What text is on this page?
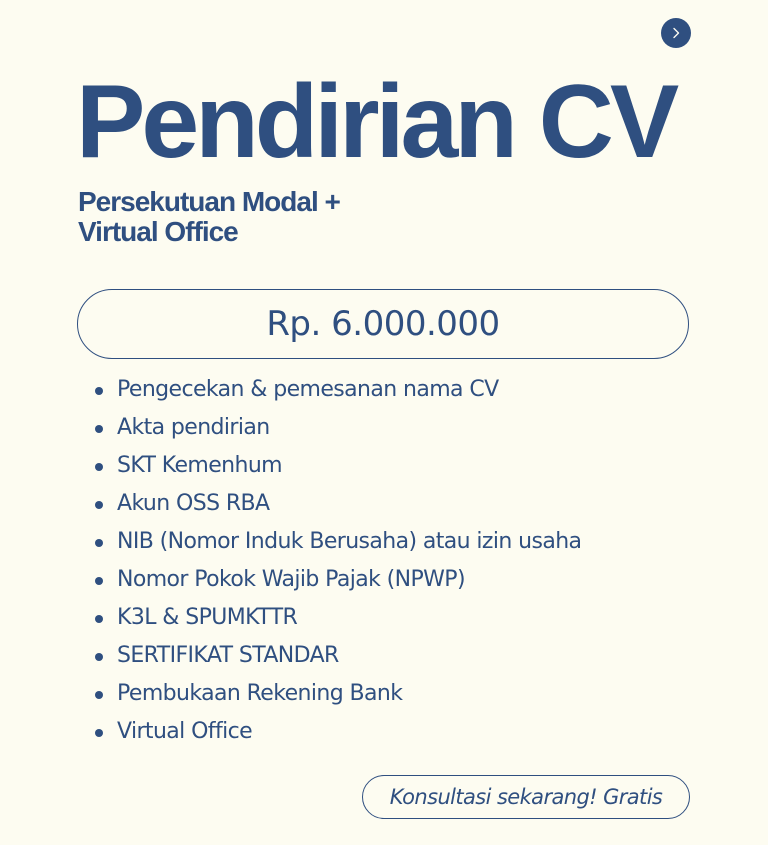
Pendirian CV
Persekutuan Modal +
Virtual Office
Rp. 6.000.000
Pengecekan & pemesanan nama CV
Akta pendirian
SKT Kemenhum
Akun OSS RBA
NIB (Nomor Induk Berusaha) atau izin usaha
Nomor Pokok Wajib Pajak (NPWP)
K3L & SPUMKTTR
SERTIFIKAT STANDAR
Pembukaan Rekening Bank
Virtual Office
Konsultasi sekarang! Gratis
